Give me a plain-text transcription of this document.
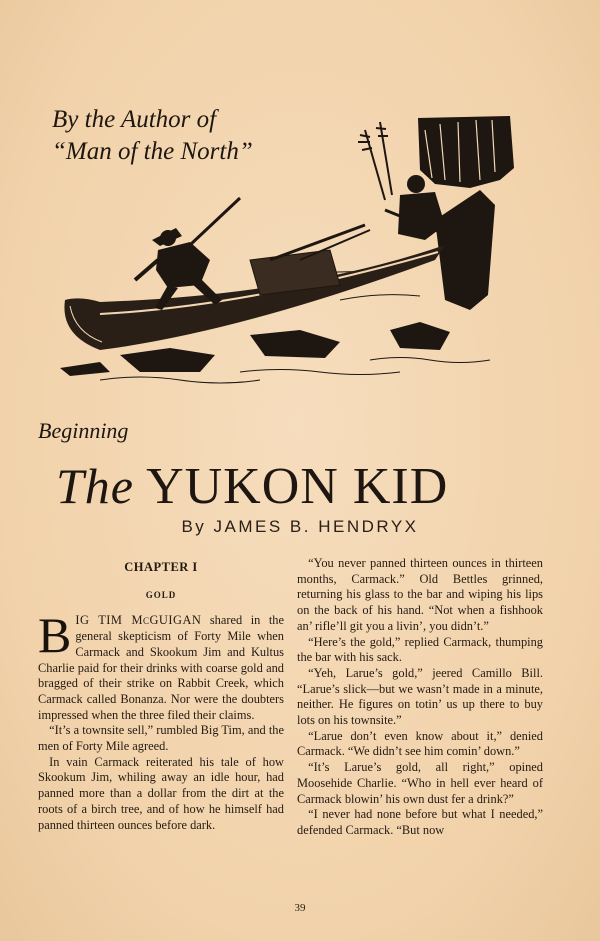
By the Author of
“Man of the North”
Beginning
The YUKON KID
By JAMES B. HENDRYX
CHAPTER I
GOLD

BIG TIM McGUIGAN shared in the general skepticism of Forty Mile when Carmack and Skookum Jim and Kultus Charlie paid for their drinks with coarse gold and bragged of their strike on Rabbit Creek, which Carmack called Bonanza. Nor were the doubters impressed when the three filed their claims.

“It’s a townsite sell,” rumbled Big Tim, and the men of Forty Mile agreed.

In vain Carmack reiterated his tale of how Skookum Jim, whiling away an idle hour, had panned more than a dollar from the dirt at the roots of a birch tree, and of how he himself had panned thirteen ounces before dark.

“You never panned thirteen ounces in thirteen months, Carmack.” Old Bettles grinned, returning his glass to the bar and wiping his lips on the back of his hand. “Not when a fishhook an’ rifle’ll git you a livin’, you didn’t.”

“Here’s the gold,” replied Carmack, thumping the bar with his sack.

“Yeh, Larue’s gold,” jeered Camillo Bill. “Larue’s slick—but we wasn’t made in a minute, neither. He figures on totin’ us up there to buy lots on his townsite.”

“Larue don’t even know about it,” denied Carmack. “We didn’t see him comin’ down.”

“It’s Larue’s gold, all right,” opined Moosehide Charlie. “Who in hell ever heard of Carmack blowin’ his own dust fer a drink?”

“I never had none before but what I needed,” defended Carmack. “But now

39
